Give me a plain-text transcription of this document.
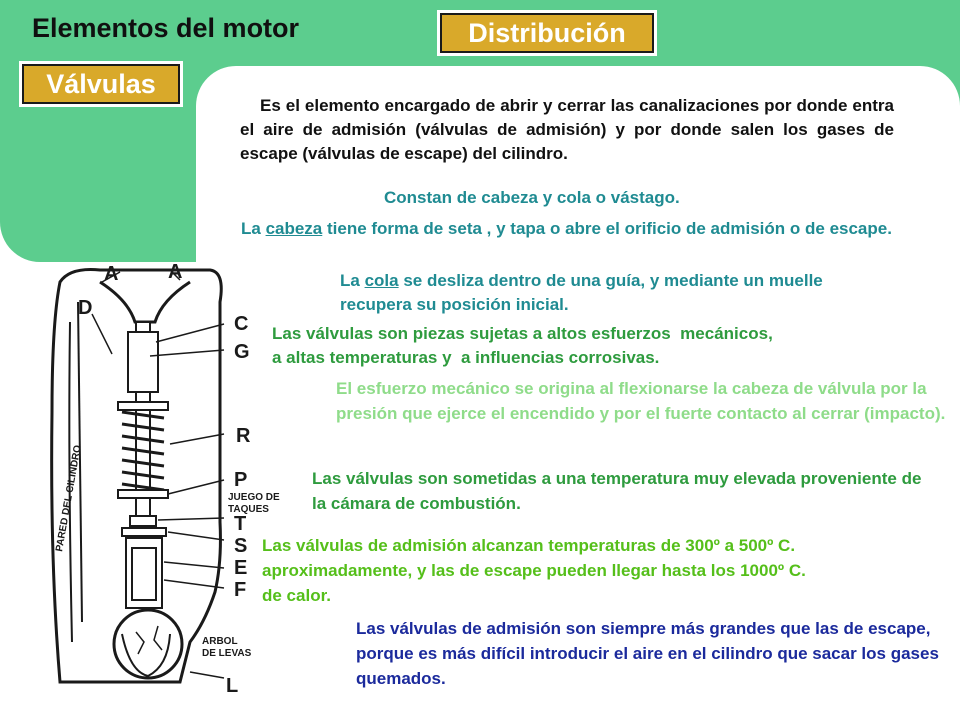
Elementos del motor	Distribución
Válvulas

Es el elemento encargado de abrir y cerrar las canalizaciones por donde entra el aire de admisión (válvulas de admisión) y por donde salen los gases de escape (válvulas de escape) del cilindro.

Constan de cabeza y cola o vástago.

La cabeza tiene forma de seta , y tapa o abre el orificio de admisión o de escape.

La cola se desliza dentro de una guía, y mediante un muelle recupera su posición inicial.

Las válvulas son piezas sujetas a altos esfuerzos  mecánicos,

a altas temperaturas y  a influencias corrosivas.

El esfuerzo mecánico se origina al flexionarse la cabeza de válvula por la presión que ejerce el encendido y por el fuerte contacto al cerrar (impacto).

Las válvulas son sometidas a una temperatura muy elevada proveniente de la cámara de combustión.

Las válvulas de admisión alcanzan temperaturas de 300º a 500º C.

aproximadamente, y las de escape pueden llegar hasta los 1000º C.

de calor.

Las válvulas de admisión son siempre más grandes que las de escape, porque es más difícil introducir el aire en el cilindro que sacar los gases quemados.

A A
D
C
G
R
P
JUEGO DE
TAQUES
T
S
E
F
ARBOL
DE LEVAS
L
PARED DEL CILINDRO
